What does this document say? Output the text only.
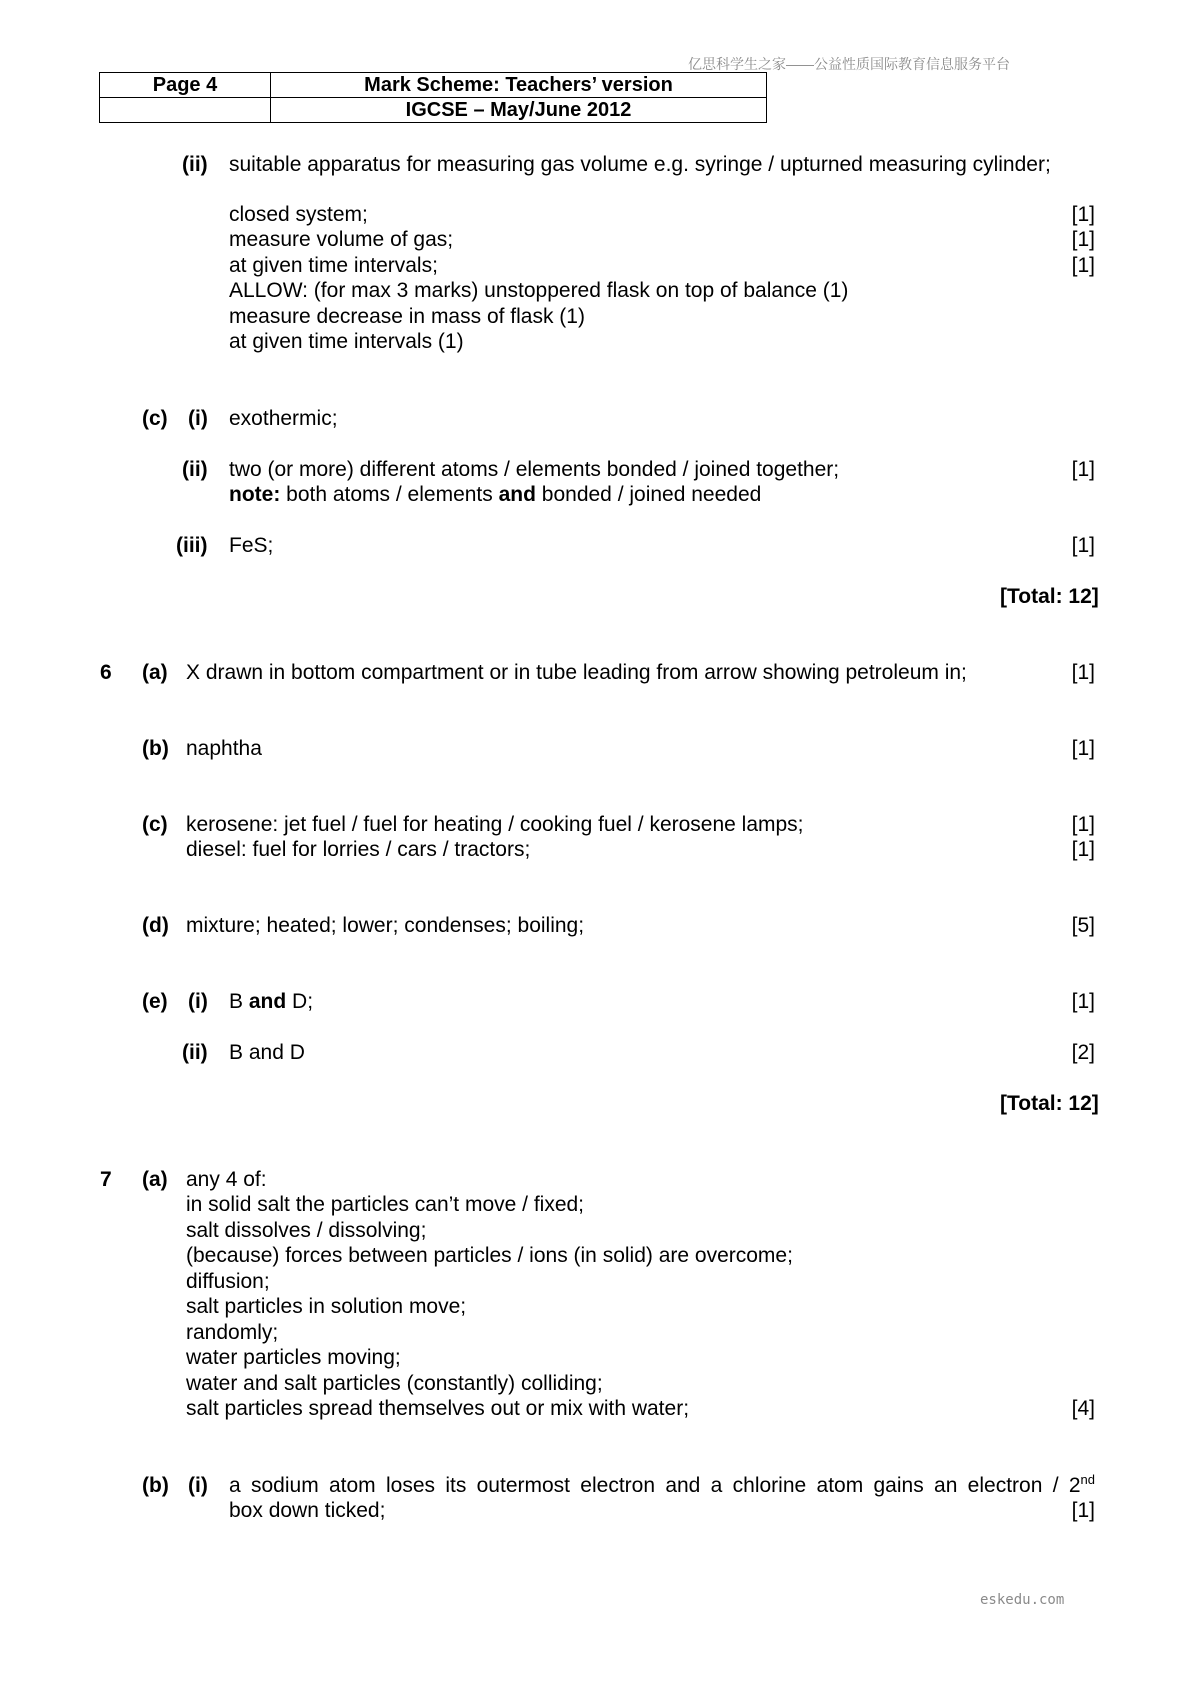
亿思科学生之家——公益性质国际教育信息服务平台
eskedu.com
Page 4	Mark Scheme: Teachers’ version
	IGCSE – May/June 2012
(ii) suitable apparatus for measuring gas volume e.g. syringe / upturned measuring cylinder;
closed system;	[1]
measure volume of gas;	[1]
at given time intervals;	[1]
ALLOW: (for max 3 marks) unstoppered flask on top of balance (1)
measure decrease in mass of flask (1)
at given time intervals (1)
(c) (i) exothermic;
(ii) two (or more) different atoms / elements bonded / joined together;	[1]
note: both atoms / elements and bonded / joined needed
(iii) FeS;	[1]
[Total: 12]
6 (a) X drawn in bottom compartment or in tube leading from arrow showing petroleum in;	[1]
(b) naphtha	[1]
(c) kerosene: jet fuel / fuel for heating / cooking fuel / kerosene lamps;	[1]
diesel: fuel for lorries / cars / tractors;	[1]
(d) mixture; heated; lower; condenses; boiling;	[5]
(e) (i) B and D;	[1]
(ii) B and D	[2]
[Total: 12]
7 (a) any 4 of:
in solid salt the particles can’t move / fixed;
salt dissolves / dissolving;
(because) forces between particles / ions (in solid) are overcome;
diffusion;
salt particles in solution move;
randomly;
water particles moving;
water and salt particles (constantly) colliding;
salt particles spread themselves out or mix with water;	[4]
(b) (i) a sodium atom loses its outermost electron and a chlorine atom gains an electron / 2nd
box down ticked;	[1]
